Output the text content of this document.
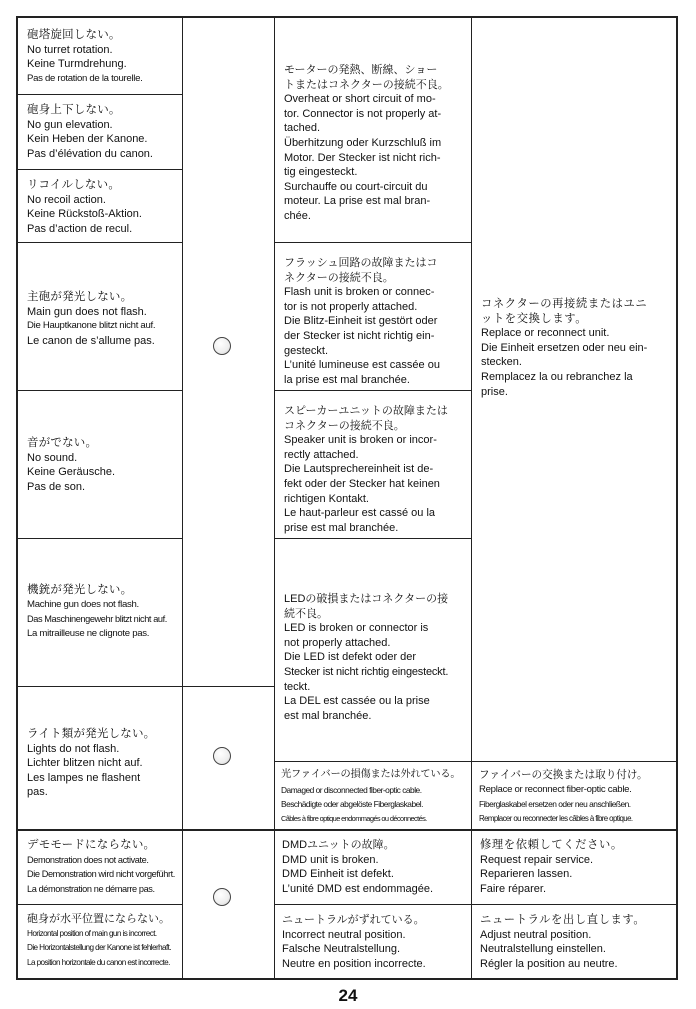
砲塔旋回しない。
No turret rotation.
Keine Turmdrehung.
Pas de rotation de la tourelle.
砲身上下しない。
No gun elevation.
Kein Heben der Kanone.
Pas d’élévation du canon.
リコイルしない。
No recoil action.
Keine Rückstoß-Aktion.
Pas d’action de recul.
主砲が発光しない。
Main gun does not flash.
Die Hauptkanone blitzt nicht auf.
Le canon de s’allume pas.
音がでない。
No sound.
Keine Geräusche.
Pas de son.
機銃が発光しない。
Machine gun does not flash.
Das Maschinengewehr blitzt nicht auf.
La mitrailleuse ne clignote pas.
ライト類が発光しない。
Lights do not flash.
Lichter blitzen nicht auf.
Les lampes ne flashent
pas.
デモモードにならない。
Demonstration does not activate.
Die Demonstration wird nicht vorgeführt.
La démonstration ne démarre pas.
砲身が水平位置にならない。
Horizontal position of main gun is incorrect.
Die Horizontalstellung der Kanone ist fehlerhaft.
La position horizontale du canon est incorrecte.
モーターの発熱、断線、ショー
トまたはコネクターの接続不良。
Overheat or short circuit of mo-
tor. Connector is not properly at-
tached.
Überhitzung oder Kurzschluß im
Motor. Der Stecker ist nicht rich-
tig eingesteckt.
Surchauffe ou court-circuit du
moteur. La prise est mal bran-
chée.
フラッシュ回路の故障またはコ
ネクターの接続不良。
Flash unit is broken or connec-
tor is not properly attached.
Die Blitz-Einheit ist gestört oder
der Stecker ist nicht richtig ein-
gesteckt.
L’unité lumineuse est cassée ou
la prise est mal branchée.
スピーカーユニットの故障または
コネクターの接続不良。
Speaker unit is broken or incor-
rectly attached.
Die Lautsprechereinheit ist de-
fekt oder der Stecker hat keinen
richtigen Kontakt.
Le haut-parleur est cassé ou la
prise est mal branchée.
LEDの破損またはコネクターの接
続不良。
LED is broken or connector is
not properly attached.
Die LED ist defekt oder der
Stecker ist nicht richtig eingesteckt.
teckt.
La DEL est cassée ou la prise
est mal branchée.
光ファイバーの損傷または外れている。
Damaged or disconnected fiber-optic cable.
Beschädigte oder abgelöste Fiberglaskabel.
Câbles à fibre optique endommagés ou déconnectés.
DMDユニットの故障。
DMD unit is broken.
DMD Einheit ist defekt.
L’unité DMD est endommagée.
ニュートラルがずれている。
Incorrect neutral position.
Falsche Neutralstellung.
Neutre en position incorrecte.
コネクターの再接続またはユニ
ットを交換します。
Replace or reconnect unit.
Die Einheit ersetzen oder neu ein-
stecken.
Remplacez la ou rebranchez la
prise.
ファイバーの交換または取り付け。
Replace or reconnect fiber-optic cable.
Fiberglaskabel ersetzen oder neu anschließen.
Remplacer ou reconnecter les câbles à fibre optique.
修理を依頼してください。
Request repair service.
Reparieren lassen.
Faire réparer.
ニュートラルを出し直します。
Adjust neutral position.
Neutralstellung einstellen.
Régler la position au neutre.
24
